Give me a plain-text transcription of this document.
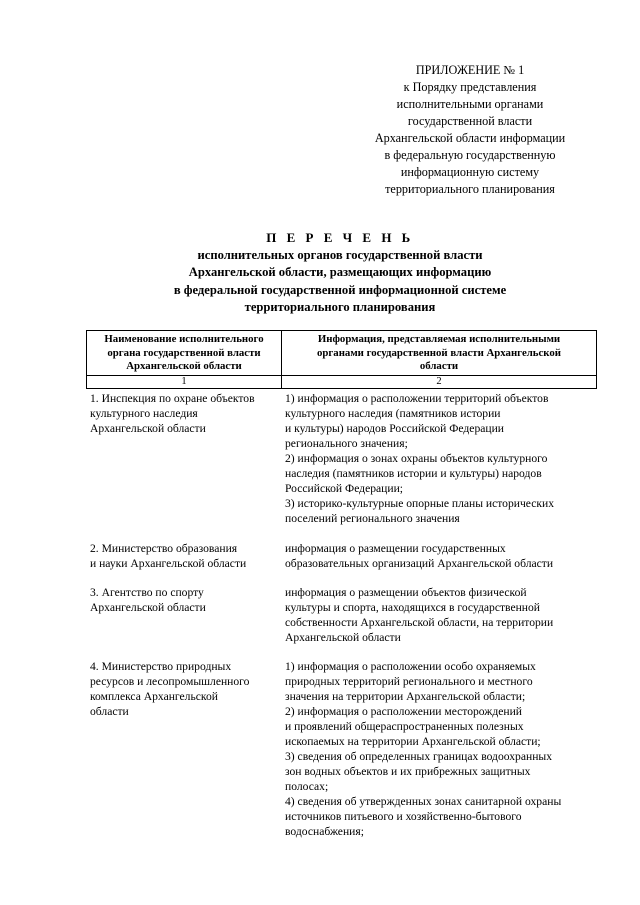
ПРИЛОЖЕНИЕ № 1
к Порядку представления
исполнительными органами
государственной власти
Архангельской области информации
в федеральную государственную
информационную систему
территориального планирования
П Е Р Е Ч Е Н Ь
исполнительных органов государственной власти
Архангельской области, размещающих информацию
в федеральной государственной информационной системе
территориального планирования
Наименование исполнительного
органа государственной власти
Архангельской области
Информация, представляемая исполнительными
органами государственной власти Архангельской
области
1	2
1. Инспекция по охране объектов
культурного наследия
Архангельской области
1) информация о расположении территорий объектов
культурного наследия (памятников истории
и культуры) народов Российской Федерации
регионального значения;
2) информация о зонах охраны объектов культурного
наследия (памятников истории и культуры) народов
Российской Федерации;
3) историко-культурные опорные планы исторических
поселений регионального значения
2. Министерство образования
и науки Архангельской области
информация о размещении государственных
образовательных организаций Архангельской области
3. Агентство по спорту
Архангельской области
информация о размещении объектов физической
культуры и спорта, находящихся в государственной
собственности Архангельской области, на территории
Архангельской области
4. Министерство природных
ресурсов и лесопромышленного
комплекса Архангельской
области
1) информация о расположении особо охраняемых
природных территорий регионального и местного
значения на территории Архангельской области;
2) информация о расположении месторождений
и проявлений общераспространенных полезных
ископаемых на территории Архангельской области;
3) сведения об определенных границах водоохранных
зон водных объектов и их прибрежных защитных
полосах;
4) сведения об утвержденных зонах санитарной охраны
источников питьевого и хозяйственно-бытового
водоснабжения;
